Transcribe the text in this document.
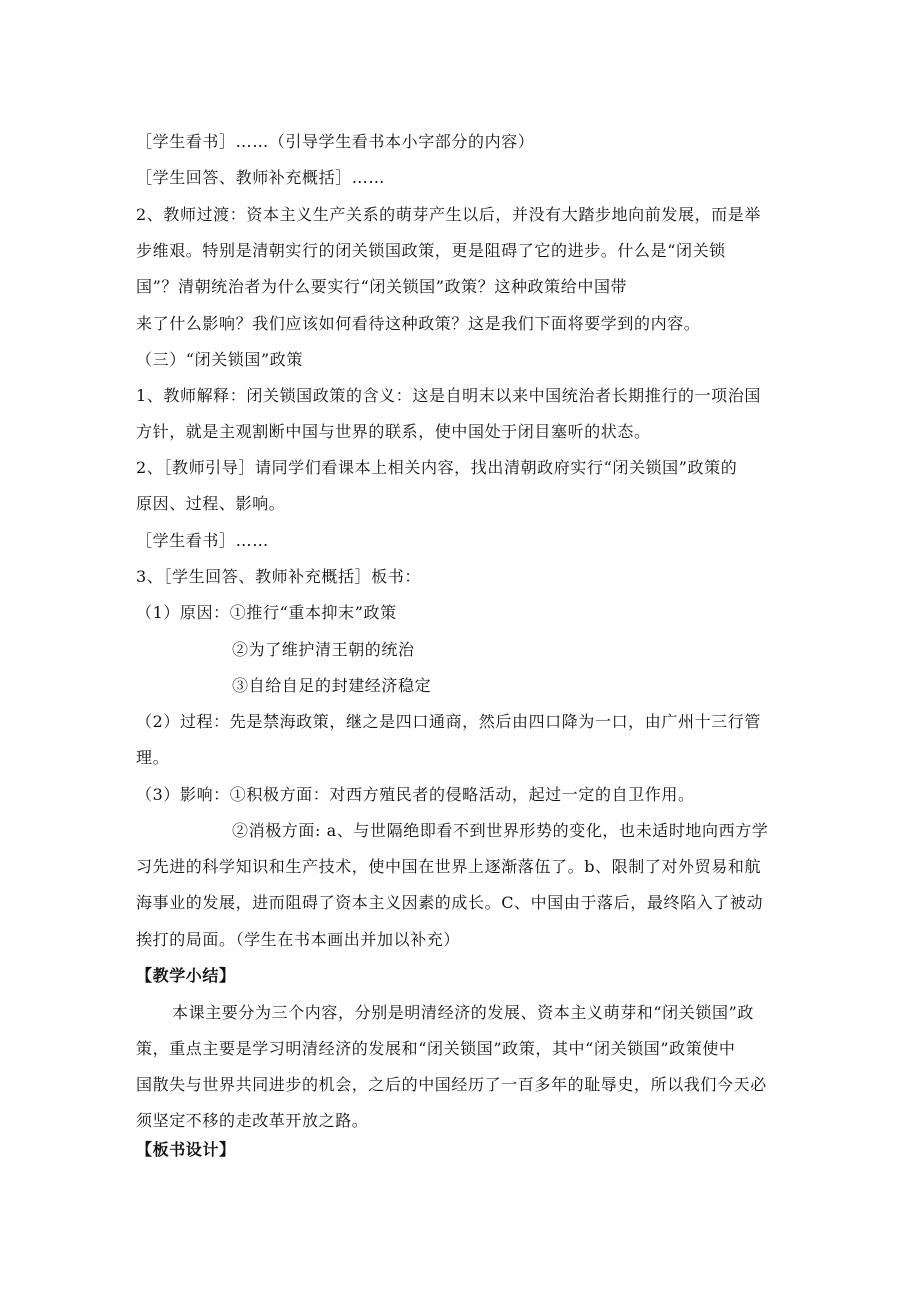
［学生看书］……（引导学生看书本小字部分的内容）
［学生回答、教师补充概括］……
2、教师过渡：资本主义生产关系的萌芽产生以后，并没有大踏步地向前发展，而是举
步维艰。特别是清朝实行的闭关锁国政策，更是阻碍了它的进步。什么是“闭关锁
国”？清朝统治者为什么要实行“闭关锁国”政策？这种政策给中国带
来了什么影响？我们应该如何看待这种政策？这是我们下面将要学到的内容。
（三）“闭关锁国”政策
1、教师解释：闭关锁国政策的含义：这是自明末以来中国统治者长期推行的一项治国
方针，就是主观割断中国与世界的联系，使中国处于闭目塞听的状态。
2、［教师引导］请同学们看课本上相关内容，找出清朝政府实行“闭关锁国”政策的
原因、过程、影响。
［学生看书］……
3、［学生回答、教师补充概括］板书：
（1）原因：①推行“重本抑末”政策
②为了维护清王朝的统治
③自给自足的封建经济稳定
（2）过程：先是禁海政策，继之是四口通商，然后由四口降为一口，由广州十三行管
理。
（3）影响：①积极方面：对西方殖民者的侵略活动，起过一定的自卫作用。
②消极方面: a、与世隔绝即看不到世界形势的变化，也未适时地向西方学
习先进的科学知识和生产技术，使中国在世界上逐渐落伍了。b、限制了对外贸易和航
海事业的发展，进而阻碍了资本主义因素的成长。C、中国由于落后，最终陷入了被动
挨打的局面。（学生在书本画出并加以补充）
【教学小结】
本课主要分为三个内容，分别是明清经济的发展、资本主义萌芽和“闭关锁国”政
策，重点主要是学习明清经济的发展和“闭关锁国”政策，其中“闭关锁国”政策使中
国散失与世界共同进步的机会，之后的中国经历了一百多年的耻辱史，所以我们今天必
须坚定不移的走改革开放之路。
【板书设计】
